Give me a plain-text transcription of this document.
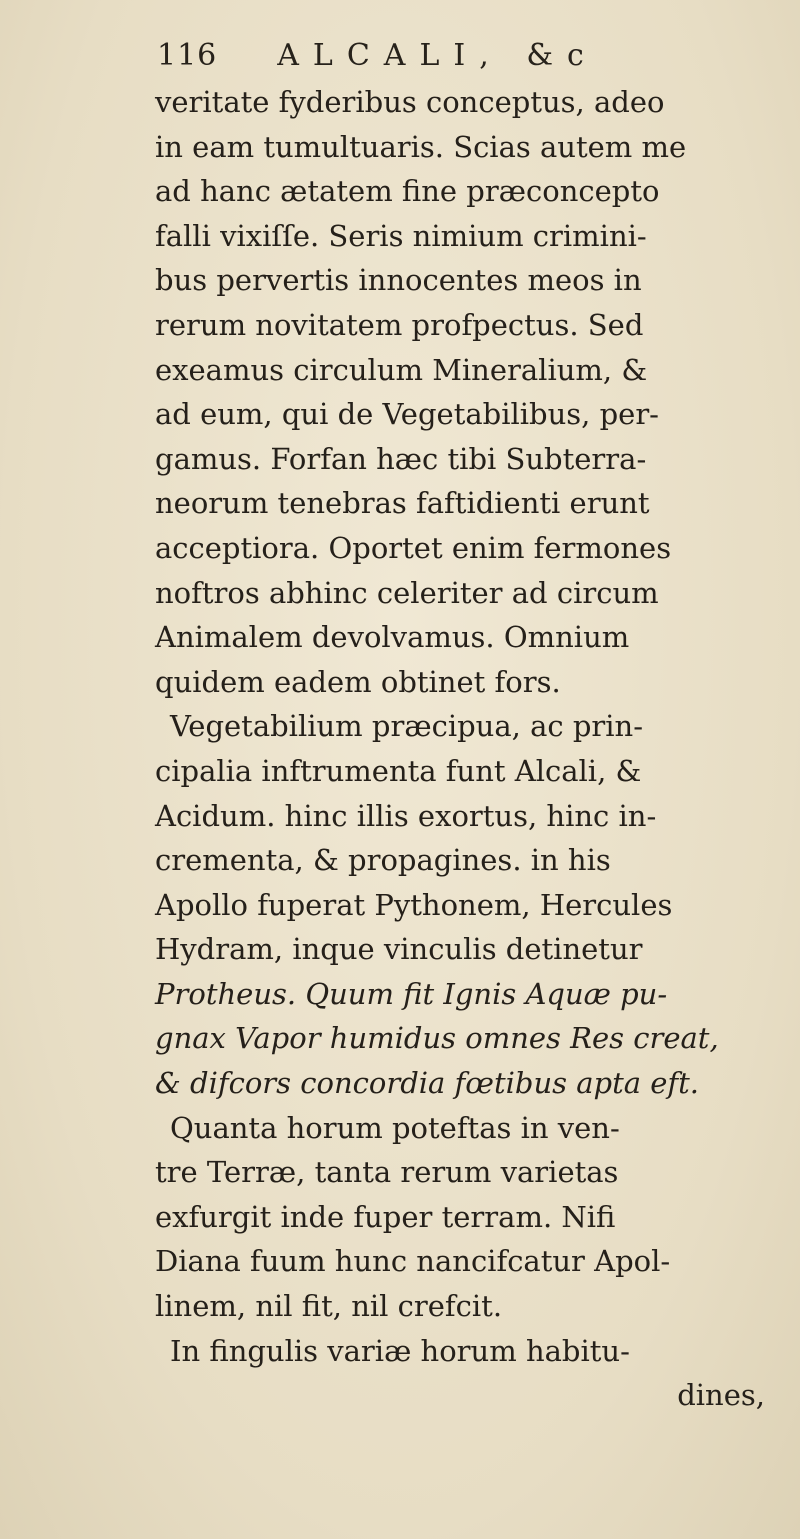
116 ALCALI, &c
veritate fyderibus conceptus, adeo
in eam tumultuaris. Scias autem me
ad hanc ætatem fine præconcepto
falli vixiſſe. Seris nimium crimini-
bus pervertis innocentes meos in
rerum novitatem profpectus. Sed
exeamus circulum Mineralium, &
ad eum, qui de Vegetabilibus, per-
gamus. Forfan hæc tibi Subterra-
neorum tenebras faftidienti erunt
acceptiora. Oportet enim fermones
noftros abhinc celeriter ad circum
Animalem devolvamus. Omnium
quidem eadem obtinet fors.
Vegetabilium præcipua, ac prin-
cipalia inftrumenta funt Alcali, &
Acidum. hinc illis exortus, hinc in-
crementa, & propagines. in his
Apollo fuperat Pythonem, Hercules
Hydram, inque vinculis detinetur
Protheus. Quum fit Ignis Aquæ pu-
gnax Vapor humidus omnes Res creat,
& difcors concordia fœtibus apta eft.
Quanta horum poteftas in ven-
tre Terræ, tanta rerum varietas
exfurgit inde fuper terram. Nifi
Diana fuum hunc nancifcatur Apol-
linem, nil fit, nil crefcit.
In fingulis variæ horum habitu-
dines,
